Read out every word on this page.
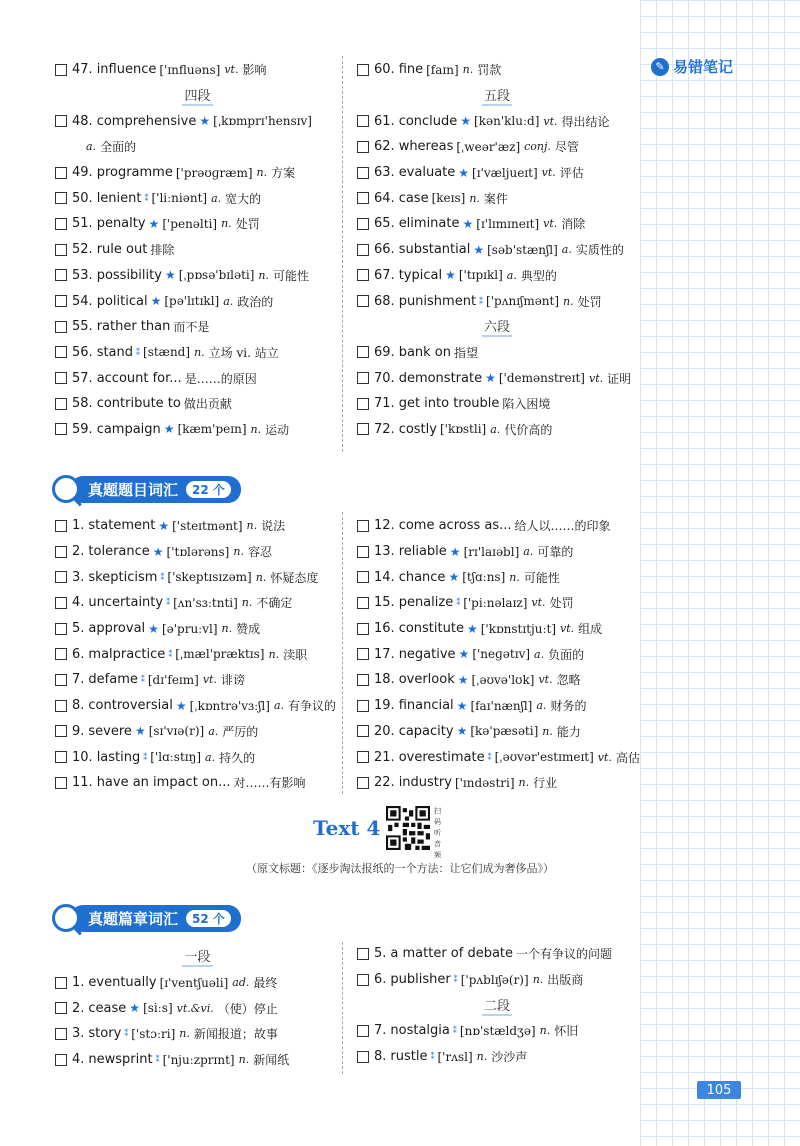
✎ 易错笔记
47. influence ['ɪnfluəns] vt. 影响
四段
48. comprehensive ★ [ˌkɒmprɪ'hensɪv]
a. 全面的
49. programme ['prəʊɡræm] n. 方案
50. lenient ⁑ ['liːniənt] a. 宽大的
51. penalty ★ ['penəlti] n. 处罚
52. rule out 排除
53. possibility ★ [ˌpɒsə'bɪləti] n. 可能性
54. political ★ [pə'lɪtɪkl] a. 政治的
55. rather than 而不是
56. stand ⁑ [stænd] n. 立场 vi. 站立
57. account for... 是……的原因
58. contribute to 做出贡献
59. campaign ★ [kæm'peɪn] n. 运动
60. fine [faɪn] n. 罚款
五段
61. conclude ★ [kən'kluːd] vt. 得出结论
62. whereas [ˌweər'æz] conj. 尽管
63. evaluate ★ [ɪ'væljueɪt] vt. 评估
64. case [keɪs] n. 案件
65. eliminate ★ [ɪ'lɪmɪneɪt] vt. 消除
66. substantial ★ [səb'stænʃl] a. 实质性的
67. typical ★ ['tɪpɪkl] a. 典型的
68. punishment ⁑ ['pʌnɪʃmənt] n. 处罚
六段
69. bank on 指望
70. demonstrate ★ ['demənstreɪt] vt. 证明
71. get into trouble 陷入困境
72. costly ['kɒstli] a. 代价高的
真题题目词汇	22 个
1. statement ★ ['steɪtmənt] n. 说法
2. tolerance ★ ['tɒlərəns] n. 容忍
3. skepticism ⁑ ['skeptɪsɪzəm] n. 怀疑态度
4. uncertainty ⁑ [ʌn'sɜːtnti] n. 不确定
5. approval ★ [ə'pruːvl] n. 赞成
6. malpractice ⁑ [ˌmæl'præktɪs] n. 渎职
7. defame ⁑ [dɪ'feɪm] vt. 诽谤
8. controversial ★ [ˌkɒntrə'vɜːʃl] a. 有争议的
9. severe ★ [sɪ'vɪə(r)] a. 严厉的
10. lasting ⁑ ['lɑːstɪŋ] a. 持久的
11. have an impact on... 对……有影响
12. come across as... 给人以……的印象
13. reliable ★ [rɪ'laɪəbl] a. 可靠的
14. chance ★ [tʃɑːns] n. 可能性
15. penalize ⁑ ['piːnəlaɪz] vt. 处罚
16. constitute ★ ['kɒnstɪtjuːt] vt. 组成
17. negative ★ ['neɡətɪv] a. 负面的
18. overlook ★ [ˌəʊvə'lʊk] vt. 忽略
19. financial ★ [faɪ'nænʃl] a. 财务的
20. capacity ★ [kə'pæsəti] n. 能力
21. overestimate ⁑ [ˌəʊvər'estɪmeɪt] vt. 高估
22. industry ['ɪndəstri] n. 行业
Text 4
扫码听音频
（原文标题：《逐步淘汰报纸的一个方法：让它们成为奢侈品》）
真题篇章词汇	52 个
一段
1. eventually [ɪ'ventʃuəli] ad. 最终
2. cease ★ [siːs] vt.&vi. （使）停止
3. story ⁑ ['stɔːri] n. 新闻报道；故事
4. newsprint ⁑ ['njuːzprɪnt] n. 新闻纸
5. a matter of debate 一个有争议的问题
6. publisher ⁑ ['pʌblɪʃə(r)] n. 出版商
二段
7. nostalgia ⁑ [nɒ'stældʒə] n. 怀旧
8. rustle ⁑ ['rʌsl] n. 沙沙声
105
